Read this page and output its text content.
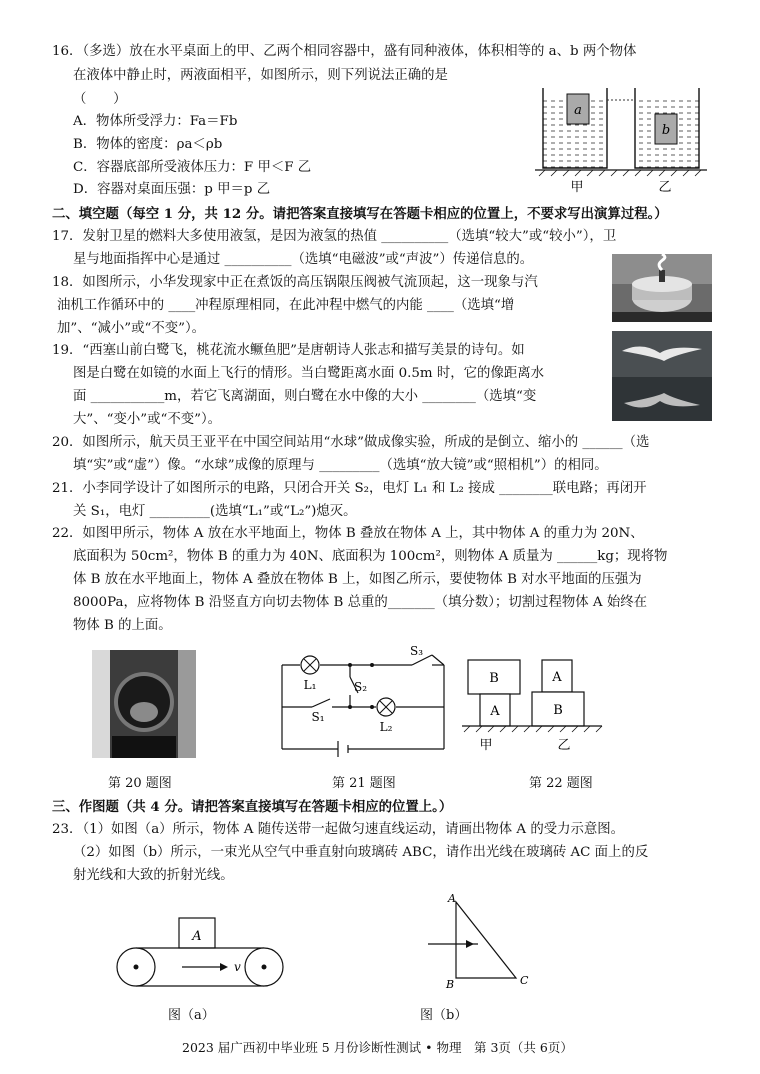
16．（多选）放在水平桌面上的甲、乙两个相同容器中，盛有同种液体，体积相等的 a、b 两个物体
在液体中静止时，两液面相平，如图所示，则下列说法正确的是
（　　）
A．物体所受浮力：Fa＝Fb
B．物体的密度：ρa＜ρb
C．容器底部所受液体压力：F 甲＜F 乙
D．容器对桌面压强：p 甲＝p 乙
a
b
甲	乙
二、填空题（每空 1 分，共 12 分。请把答案直接填写在答题卡相应的位置上，不要求写出演算过程。）
17．发射卫星的燃料大多使用液氢，是因为液氢的热值 __________（选填“较大”或“较小”），卫
星与地面指挥中心是通过 __________（选填“电磁波”或“声波”）传递信息的。
18．如图所示，小华发现家中正在煮饭的高压锅限压阀被气流顶起，这一现象与汽
油机工作循环中的 ____冲程原理相同，在此冲程中燃气的内能 ____（选填“增
加”、“减小”或“不变”）。
19．“西塞山前白鹭飞，桃花流水鳜鱼肥”是唐朝诗人张志和描写美景的诗句。如
图是白鹭在如镜的水面上飞行的情形。当白鹭距离水面 0.5m 时，它的像距离水
面 ___________m，若它飞离湖面，则白鹭在水中像的大小 ________（选填“变
大”、“变小”或“不变”）。
20．如图所示，航天员王亚平在中国空间站用“水球”做成像实验，所成的是倒立、缩小的 ______（选
填“实”或“虚”）像。“水球”成像的原理与 _________（选填“放大镜”或“照相机”）的相同。
21．小李同学设计了如图所示的电路，只闭合开关 S₂，电灯 L₁ 和 L₂ 接成 ________联电路；再闭开
关 S₁，电灯 _________(选填“L₁”或“L₂”)熄灭。
22．如图甲所示，物体 A 放在水平地面上，物体 B 叠放在物体 A 上，其中物体 A 的重力为 20N、
底面积为 50cm²，物体 B 的重力为 40N、底面积为 100cm²，则物体 A 质量为 ______kg；现将物
体 B 放在水平地面上，物体 A 叠放在物体 B 上，如图乙所示，要使物体 B 对水平地面的压强为
8000Pa，应将物体 B 沿竖直方向切去物体 B 总重的_______（填分数）；切割过程物体 A 始终在
物体 B 的上面。
L₁
L₂
S₁
S₂
S₃
B
A
A
B
甲	乙
第 20 题图	第 21 题图	第 22 题图
三、作图题（共 4 分。请把答案直接填写在答题卡相应的位置上。）
23．（1）如图（a）所示，物体 A 随传送带一起做匀速直线运动，请画出物体 A 的受力示意图。
（2）如图（b）所示，一束光从空气中垂直射向玻璃砖 ABC，请作出光线在玻璃砖 AC 面上的反
射光线和大致的折射光线。
A
v
图（a）
A
B	C
图（b）
2023 届广西初中毕业班 5 月份诊断性测试 • 物理　第 3页（共 6页）
